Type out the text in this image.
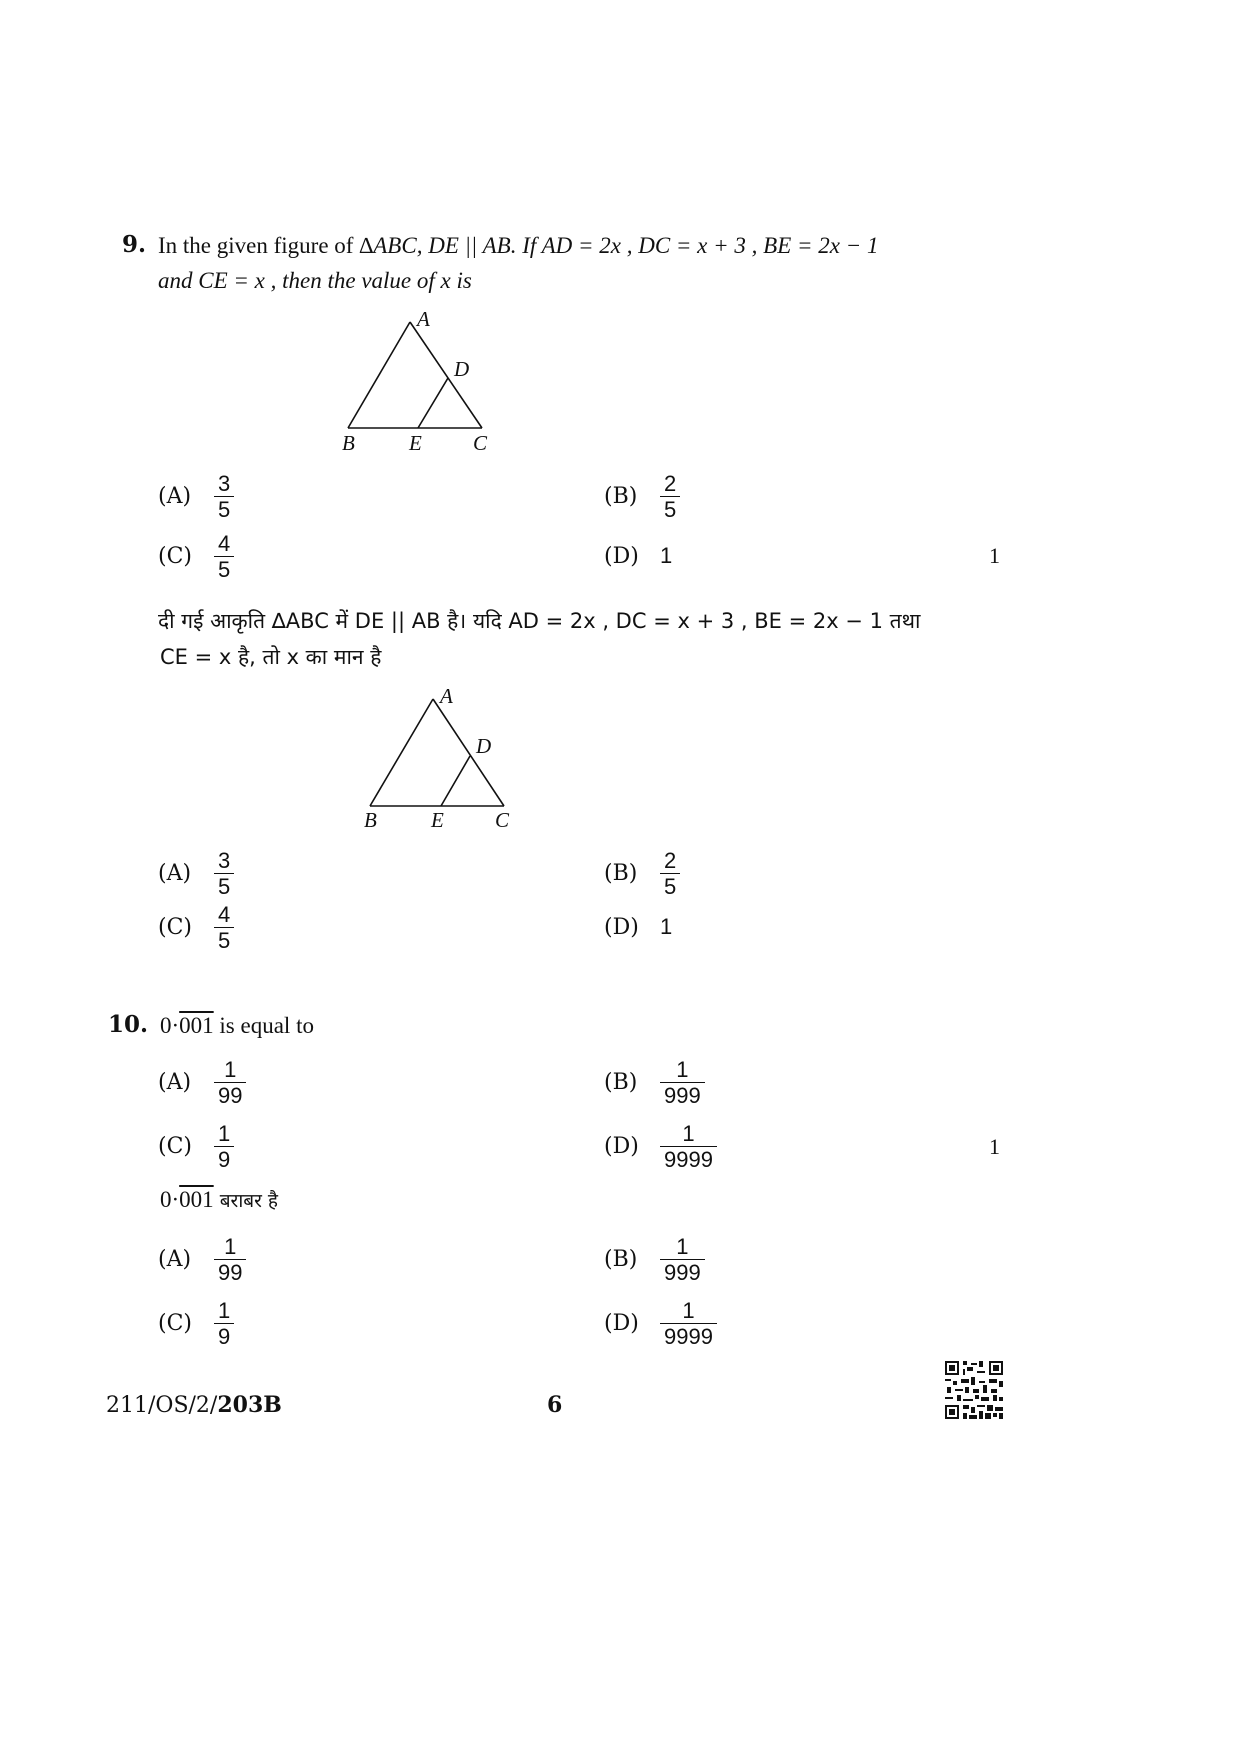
9. In the given figure of ∆ABC, DE || AB. If AD = 2x , DC = x + 3 , BE = 2x − 1
and CE = x , then the value of x is
A
D
B	E C
(A)	$\frac{3}{5}$	(B)	$\frac{2}{5}$
(C)	$\frac{4}{5}$	(D) 1	1
दी गई आकृति ∆ABC में DE || AB है। यदि AD = 2x , DC = x + 3 , BE = 2x − 1 तथा
CE = x है, तो x का मान है
A
D
B	E C
(A)	$\frac{3}{5}$	(B)	$\frac{2}{5}$
(C)	$\frac{4}{5}$	(D) 1
10. 0·001 is equal to
(A)	$\frac{1}{99}$	(B)	$\frac{1}{999}$
(C)	$\frac{1}{9}$	$(D) \frac{1}{9999}$	1
0·001 बराबर है
(A)	$\frac{1}{99}$	(B)	$\frac{1}{999}$
(C)	$\frac{1}{9}$	$(D) \frac{1}{9999}$
211/OS/2/203B	6
